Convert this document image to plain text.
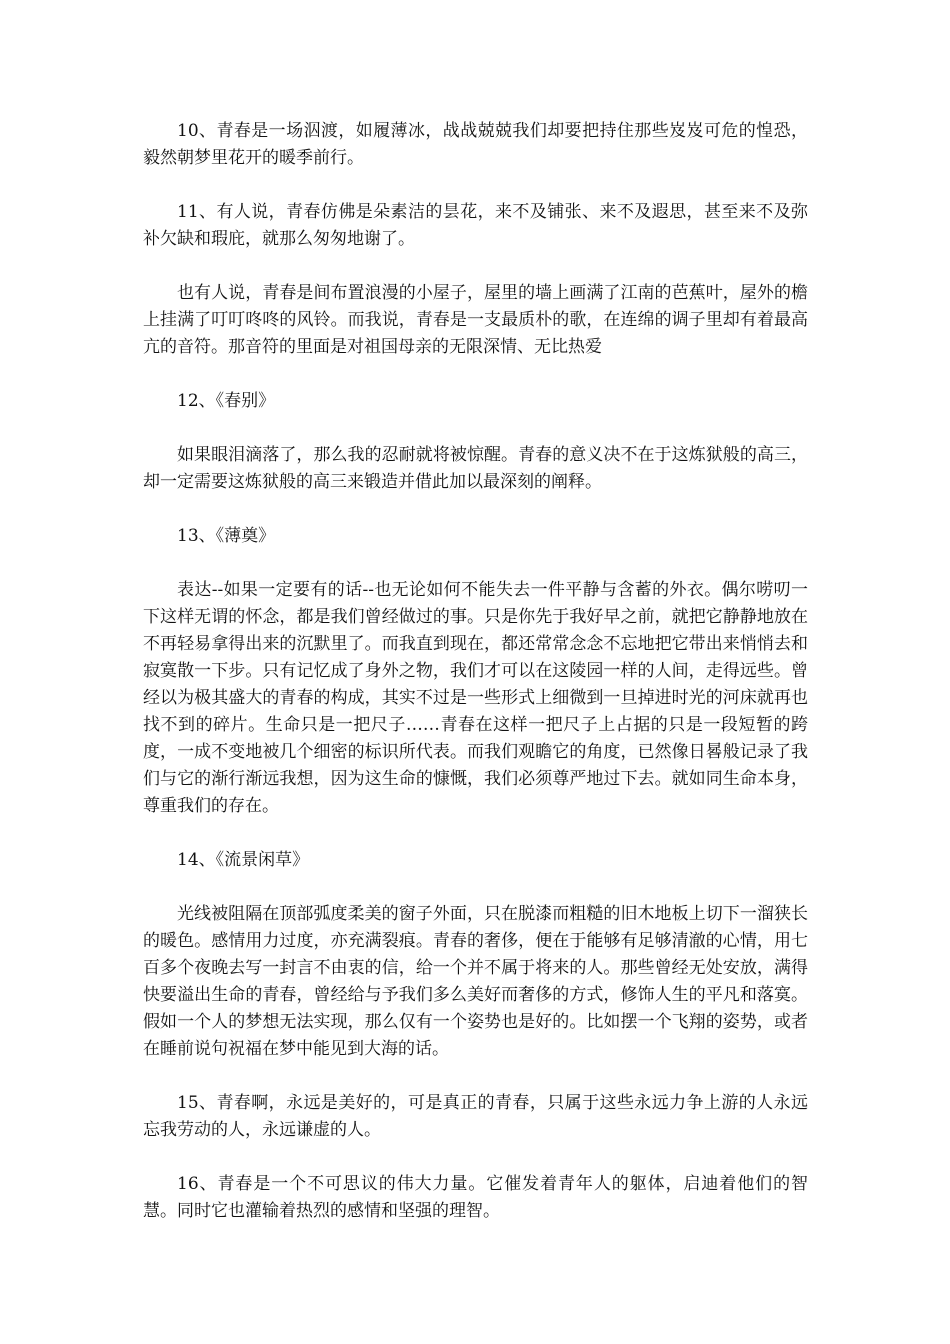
10、青春是一场泅渡，如履薄冰，战战兢兢我们却要把持住那些岌岌可危的惶恐，毅然朝梦里花开的暖季前行。

11、有人说，青春仿佛是朵素洁的昙花，来不及铺张、来不及遐思，甚至来不及弥补欠缺和瑕庇，就那么匆匆地谢了。

也有人说，青春是间布置浪漫的小屋子，屋里的墙上画满了江南的芭蕉叶，屋外的檐上挂满了叮叮咚咚的风铃。而我说，青春是一支最质朴的歌，在连绵的调子里却有着最高亢的音符。那音符的里面是对祖国母亲的无限深情、无比热爱

12、《春别》

如果眼泪滴落了，那么我的忍耐就将被惊醒。青春的意义决不在于这炼狱般的高三，却一定需要这炼狱般的高三来锻造并借此加以最深刻的阐释。

13、《薄奠》

表达--如果一定要有的话--也无论如何不能失去一件平静与含蓄的外衣。偶尔唠叨一下这样无谓的怀念，都是我们曾经做过的事。只是你先于我好早之前，就把它静静地放在不再轻易拿得出来的沉默里了。而我直到现在，都还常常念念不忘地把它带出来悄悄去和寂寞散一下步。只有记忆成了身外之物，我们才可以在这陵园一样的人间，走得远些。曾经以为极其盛大的青春的构成，其实不过是一些形式上细微到一旦掉进时光的河床就再也找不到的碎片。生命只是一把尺子……青春在这样一把尺子上占据的只是一段短暂的跨度，一成不变地被几个细密的标识所代表。而我们观瞻它的角度，已然像日晷般记录了我们与它的渐行渐远我想，因为这生命的慷慨，我们必须尊严地过下去。就如同生命本身，尊重我们的存在。

14、《流景闲草》

光线被阻隔在顶部弧度柔美的窗子外面，只在脱漆而粗糙的旧木地板上切下一溜狭长的暖色。感情用力过度，亦充满裂痕。青春的奢侈，便在于能够有足够清澈的心情，用七百多个夜晚去写一封言不由衷的信，给一个并不属于将来的人。那些曾经无处安放，满得快要溢出生命的青春，曾经给与予我们多么美好而奢侈的方式，修饰人生的平凡和落寞。假如一个人的梦想无法实现，那么仅有一个姿势也是好的。比如摆一个飞翔的姿势，或者在睡前说句祝福在梦中能见到大海的话。

15、青春啊，永远是美好的，可是真正的青春，只属于这些永远力争上游的人永远忘我劳动的人，永远谦虚的人。

16、青春是一个不可思议的伟大力量。它催发着青年人的躯体，启迪着他们的智慧。同时它也灌输着热烈的感情和坚强的理智。
